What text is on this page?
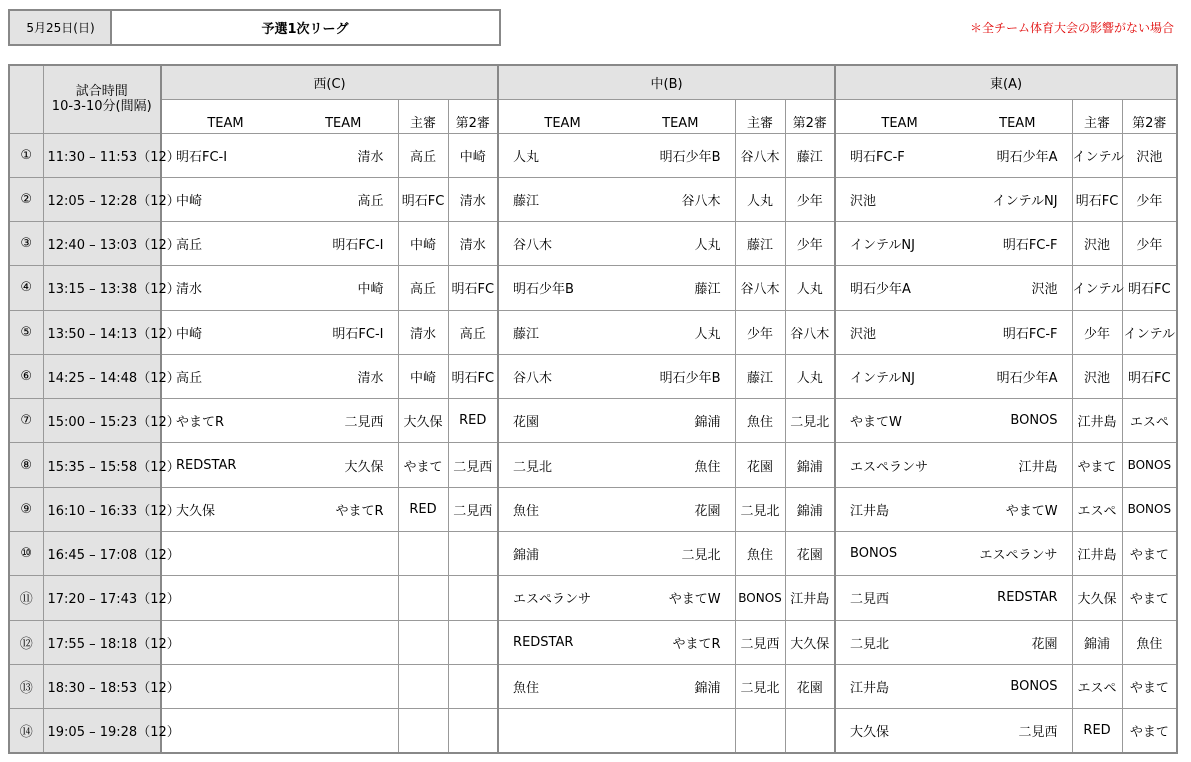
5月25日(日)	予選1次リーグ	＊全チーム体育大会の影響がない場合

	試合時間
10-3-10分(間隔)	西(C)				中(B)				東(A)			
		TEAM	TEAM	主審	第2審	TEAM	TEAM	主審	第2審	TEAM	TEAM	主審	第2審
①	11:30 – 11:53（12）	明石FC-Ⅰ	清水	高丘	中崎	人丸	明石少年B	谷八木	藤江	明石FC-F	明石少年A	インテル	沢池
②	12:05 – 12:28（12）	中崎	高丘	明石FC	清水	藤江	谷八木	人丸	少年	沢池	インテルNJ	明石FC	少年
③	12:40 – 13:03（12）	高丘	明石FC-Ⅰ	中崎	清水	谷八木	人丸	藤江	少年	インテルNJ	明石FC-F	沢池	少年
④	13:15 – 13:38（12）	清水	中崎	高丘	明石FC	明石少年B	藤江	谷八木	人丸	明石少年A	沢池	インテル	明石FC
⑤	13:50 – 14:13（12）	中崎	明石FC-Ⅰ	清水	高丘	藤江	人丸	少年	谷八木	沢池	明石FC-F	少年	インテル
⑥	14:25 – 14:48（12）	高丘	清水	中崎	明石FC	谷八木	明石少年B	藤江	人丸	インテルNJ	明石少年A	沢池	明石FC
⑦	15:00 – 15:23（12）	やまてR	二見西	大久保	RED	花園	錦浦	魚住	二見北	やまてW	BONOS	江井島	エスペ
⑧	15:35 – 15:58（12）	REDSTAR	大久保	やまて	二見西	二見北	魚住	花園	錦浦	エスペランサ	江井島	やまて	BONOS
⑨	16:10 – 16:33（12）	大久保	やまてR	RED	二見西	魚住	花園	二見北	錦浦	江井島	やまてW	エスペ	BONOS
⑩	16:45 – 17:08（12）					錦浦	二見北	魚住	花園	BONOS	エスペランサ	江井島	やまて
⑪	17:20 – 17:43（12）					エスペランサ	やまてW	BONOS	江井島	二見西	REDSTAR	大久保	やまて
⑫	17:55 – 18:18（12）					REDSTAR	やまてR	二見西	大久保	二見北	花園	錦浦	魚住
⑬	18:30 – 18:53（12）					魚住	錦浦	二見北	花園	江井島	BONOS	エスペ	やまて
⑭	19:05 – 19:28（12）									大久保	二見西	RED	やまて
